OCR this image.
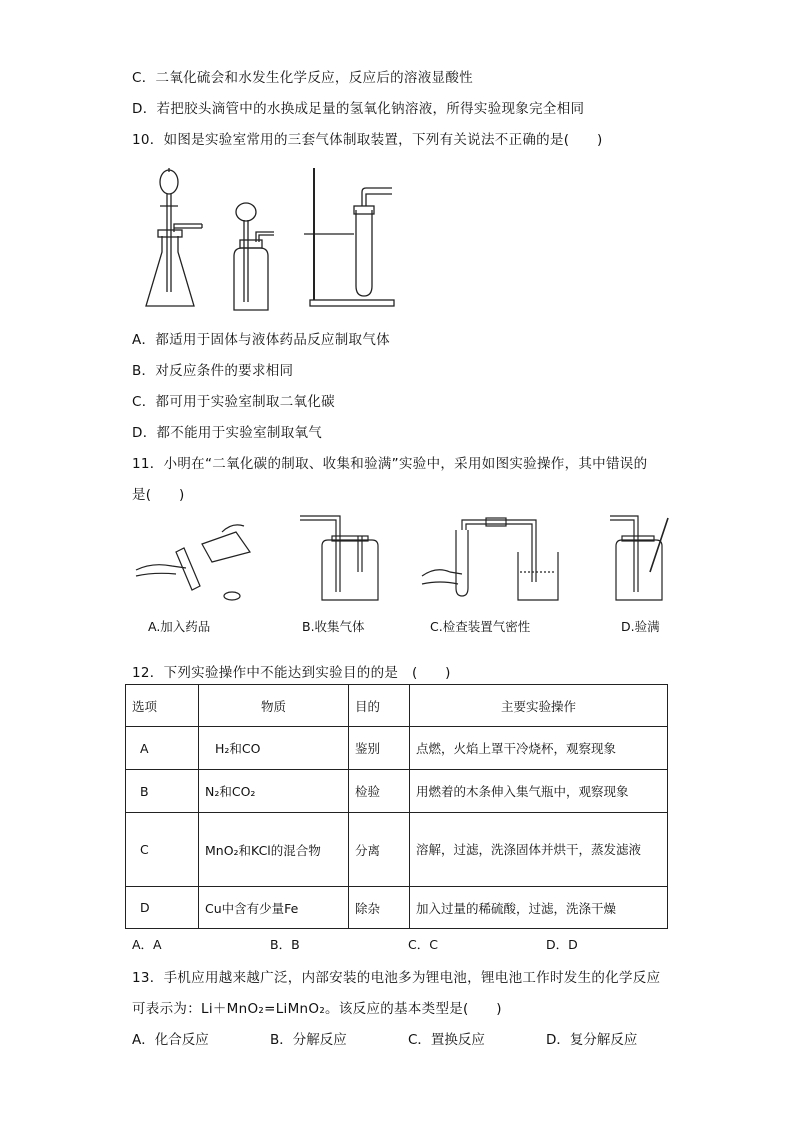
C．二氧化硫会和水发生化学反应，反应后的溶液显酸性
D．若把胶头滴管中的水换成足量的氢氧化钠溶液，所得实验现象完全相同
10．如图是实验室常用的三套气体制取装置，下列有关说法不正确的是(　　)
A．都适用于固体与液体药品反应制取气体
B．对反应条件的要求相同
C．都可用于实验室制取二氧化碳
D．都不能用于实验室制取氧气
11．小明在“二氧化碳的制取、收集和验满”实验中，采用如图实验操作，其中错误的
是(　　)
A.加入药品	B.收集气体	C.检查装置气密性	D.验满
12．下列实验操作中不能达到实验目的的是　(　　)
选项	物质	目的	主要实验操作
A	H₂和CO	鉴别	点燃，火焰上罩干冷烧杯，观察现象
B	N₂和CO₂	检验	用燃着的木条伸入集气瓶中，观察现象
C	MnO₂和KCl的混合物	分离	溶解，过滤，洗涤固体并烘干，蒸发滤液
D	Cu中含有少量Fe	除杂	加入过量的稀硫酸，过滤，洗涤干燥
A．A	B．B	C．C	D．D
13．手机应用越来越广泛，内部安装的电池多为锂电池，锂电池工作时发生的化学反应
可表示为：Li＋MnO₂=LiMnO₂。该反应的基本类型是(　　)
A．化合反应	B．分解反应	C．置换反应	D．复分解反应
